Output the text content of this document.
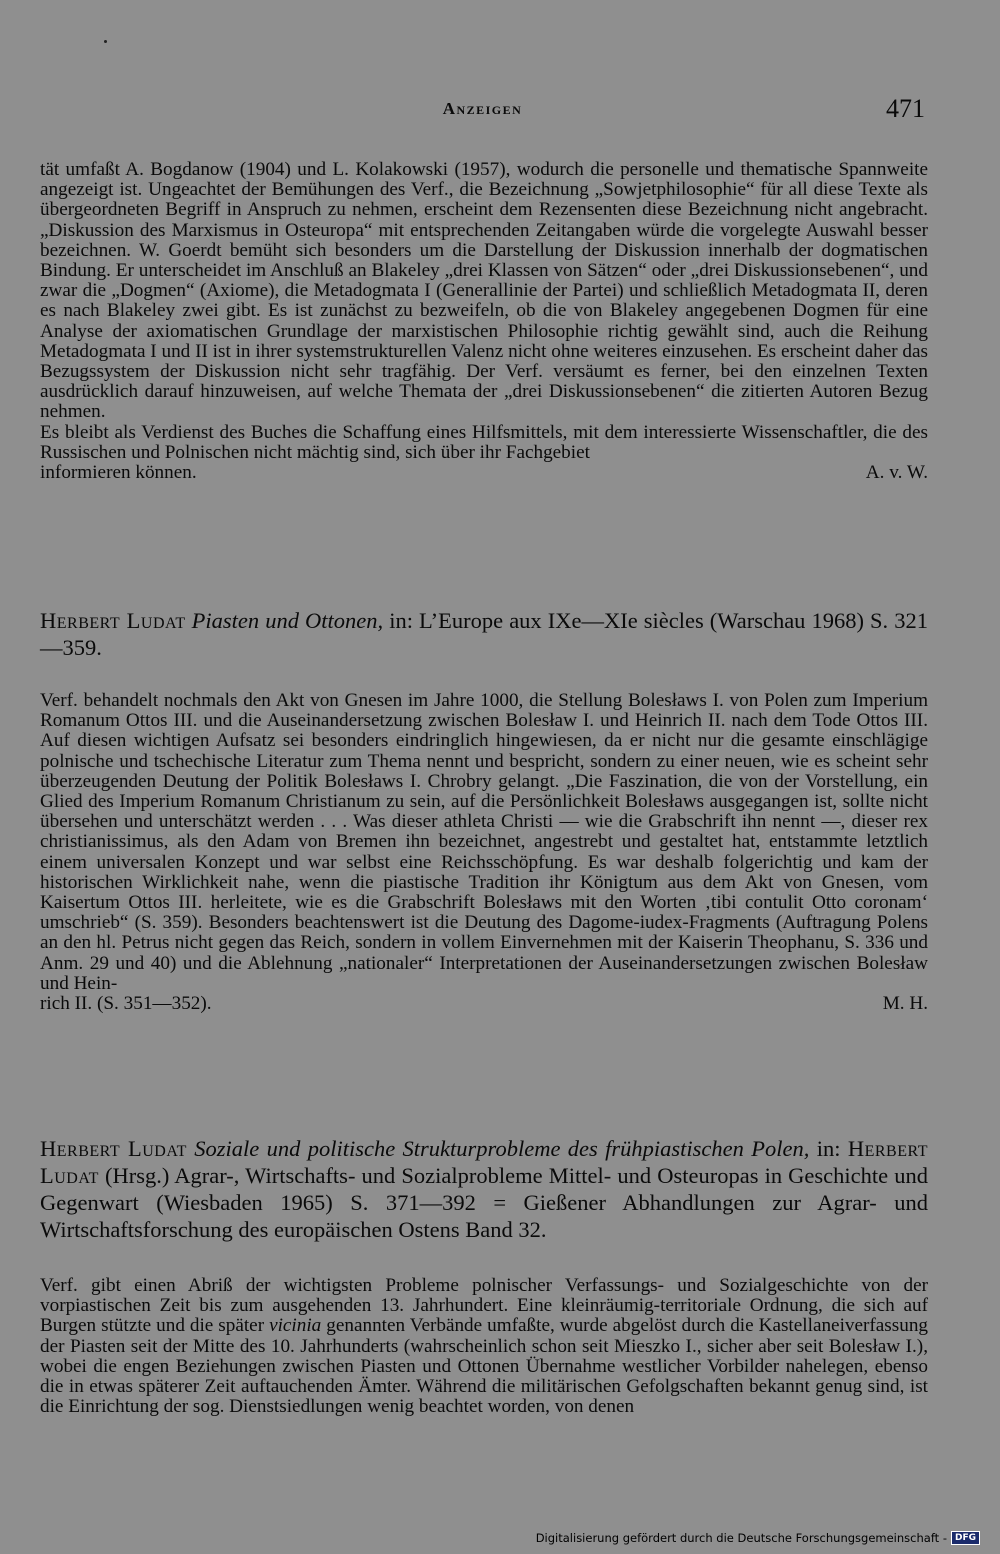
Anzeigen	471

tät umfaßt A. Bogdanow (1904) und L. Kolakowski (1957), wodurch die personelle und thematische Spannweite angezeigt ist. Ungeachtet der Bemühungen des Verf., die Bezeichnung „Sowjetphilosophie“ für all diese Texte als übergeordneten Begriff in Anspruch zu nehmen, erscheint dem Rezensenten diese Bezeichnung nicht angebracht. „Diskussion des Marxismus in Osteuropa“ mit entsprechenden Zeitangaben würde die vorgelegte Auswahl besser bezeichnen. W. Goerdt bemüht sich besonders um die Darstellung der Diskussion innerhalb der dogmatischen Bindung. Er unterscheidet im Anschluß an Blakeley „drei Klassen von Sätzen“ oder „drei Diskussionsebenen“, und zwar die „Dogmen“ (Axiome), die Metadogmata I (Generallinie der Partei) und schließlich Metadogmata II, deren es nach Blakeley zwei gibt. Es ist zunächst zu bezweifeln, ob die von Blakeley angegebenen Dogmen für eine Analyse der axiomatischen Grundlage der marxistischen Philosophie richtig gewählt sind, auch die Reihung Metadogmata I und II ist in ihrer systemstrukturellen Valenz nicht ohne weiteres einzusehen. Es erscheint daher das Bezugssystem der Diskussion nicht sehr tragfähig. Der Verf. versäumt es ferner, bei den einzelnen Texten ausdrücklich darauf hinzuweisen, auf welche Themata der „drei Diskussionsebenen“ die zitierten Autoren Bezug nehmen.

Es bleibt als Verdienst des Buches die Schaffung eines Hilfsmittels, mit dem interessierte Wissenschaftler, die des Russischen und Polnischen nicht mächtig sind, sich über ihr Fachgebiet
informieren können.	A. v. W.

Herbert Ludat Piasten und Ottonen, in: L’Europe aux IXe—XIe siècles (Warschau 1968) S. 321—359.

Verf. behandelt nochmals den Akt von Gnesen im Jahre 1000, die Stellung Bolesławs I. von Polen zum Imperium Romanum Ottos III. und die Auseinandersetzung zwischen Bolesław I. und Heinrich II. nach dem Tode Ottos III. Auf diesen wichtigen Aufsatz sei besonders eindringlich hingewiesen, da er nicht nur die gesamte einschlägige polnische und tschechische Literatur zum Thema nennt und bespricht, sondern zu einer neuen, wie es scheint sehr überzeugenden Deutung der Politik Bolesławs I. Chrobry gelangt. „Die Faszination, die von der Vorstellung, ein Glied des Imperium Romanum Christianum zu sein, auf die Persönlichkeit Bolesławs ausgegangen ist, sollte nicht übersehen und unterschätzt werden . . . Was dieser athleta Christi — wie die Grabschrift ihn nennt —, dieser rex christianissimus, als den Adam von Bremen ihn bezeichnet, angestrebt und gestaltet hat, entstammte letztlich einem universalen Konzept und war selbst eine Reichsschöpfung. Es war deshalb folgerichtig und kam der historischen Wirklichkeit nahe, wenn die piastische Tradition ihr Königtum aus dem Akt von Gnesen, vom Kaisertum Ottos III. herleitete, wie es die Grabschrift Bolesławs mit den Worten ‚tibi contulit Otto coronam‘ umschrieb“ (S. 359). Besonders beachtenswert ist die Deutung des Dagome-iudex-Fragments (Auftragung Polens an den hl. Petrus nicht gegen das Reich, sondern in vollem Einvernehmen mit der Kaiserin Theophanu, S. 336 und Anm. 29 und 40) und die Ablehnung „nationaler“ Interpretationen der Auseinandersetzungen zwischen Bolesław und Hein-
rich II. (S. 351—352).	M. H.

Herbert Ludat Soziale und politische Strukturprobleme des frühpiastischen Polen, in: Herbert Ludat (Hrsg.) Agrar-, Wirtschafts- und Sozialprobleme Mittel- und Osteuropas in Geschichte und Gegenwart (Wiesbaden 1965) S. 371—392 = Gießener Abhandlungen zur Agrar- und Wirtschaftsforschung des europäischen Ostens Band 32.

Verf. gibt einen Abriß der wichtigsten Probleme polnischer Verfassungs- und Sozialgeschichte von der vorpiastischen Zeit bis zum ausgehenden 13. Jahrhundert. Eine kleinräumig-territoriale Ordnung, die sich auf Burgen stützte und die später vicinia genannten Verbände umfaßte, wurde abgelöst durch die Kastellaneiverfassung der Piasten seit der Mitte des 10. Jahrhunderts (wahrscheinlich schon seit Mieszko I., sicher aber seit Bolesław I.), wobei die engen Beziehungen zwischen Piasten und Ottonen Übernahme westlicher Vorbilder nahelegen, ebenso die in etwas späterer Zeit auftauchenden Ämter. Während die militärischen Gefolgschaften bekannt genug sind, ist die Einrichtung der sog. Dienstsiedlungen wenig beachtet worden, von denen

Digitalisierung gefördert durch die Deutsche Forschungsgemeinschaft - DFG
